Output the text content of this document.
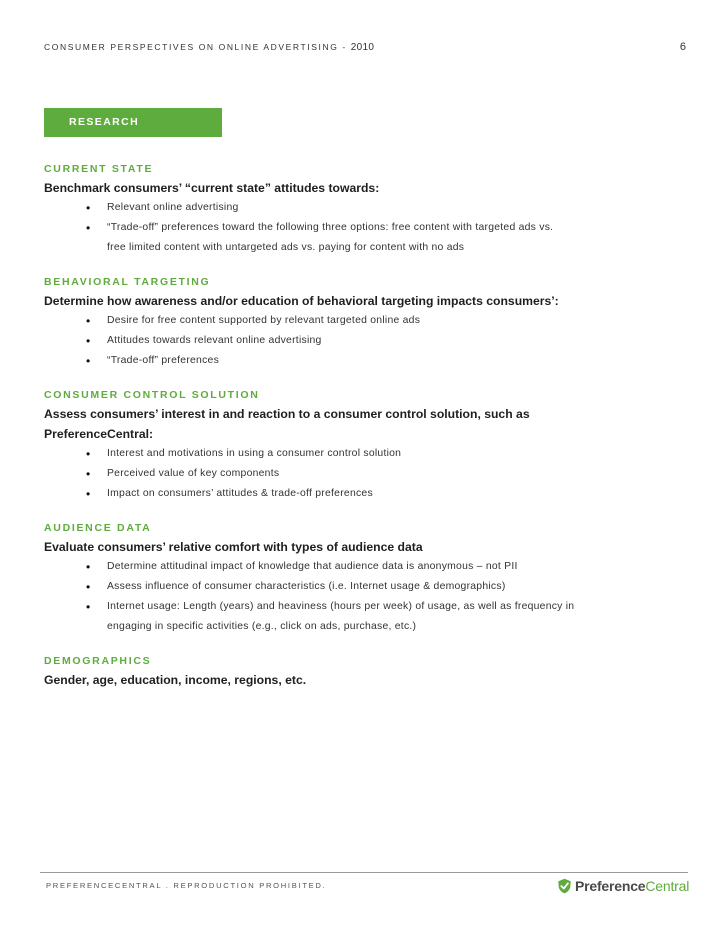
CONSUMER PERSPECTIVES ON ONLINE ADVERTISING - 2010	6
RESEARCH OBJECTIVES
CURRENT STATE

Benchmark consumers’ “current state” attitudes towards:

• Relevant online advertising
• “Trade-off” preferences toward the following three options: free content with targeted ads vs.
free limited content with untargeted ads vs. paying for content with no ads
BEHAVIORAL TARGETING

Determine how awareness and/or education of behavioral targeting impacts consumers’:

• Desire for free content supported by relevant targeted online ads
• Attitudes towards relevant online advertising
• “Trade-off” preferences
CONSUMER CONTROL SOLUTION

Assess consumers’ interest in and reaction to a consumer control solution, such as

PreferenceCentral:

• Interest and motivations in using a consumer control solution
• Perceived value of key components
• Impact on consumers’ attitudes & trade-off preferences
AUDIENCE DATA

Evaluate consumers’ relative comfort with types of audience data

• Determine attitudinal impact of knowledge that audience data is anonymous – not PII
• Assess influence of consumer characteristics (i.e. Internet usage & demographics)
• Internet usage: Length (years) and heaviness (hours per week) of usage, as well as frequency in
engaging in specific activities (e.g., click on ads, purchase, etc.)
DEMOGRAPHICS

Gender, age, education, income, regions, etc.

PREFERENCECENTRAL . REPRODUCTION PROHIBITED.	Preference Central
